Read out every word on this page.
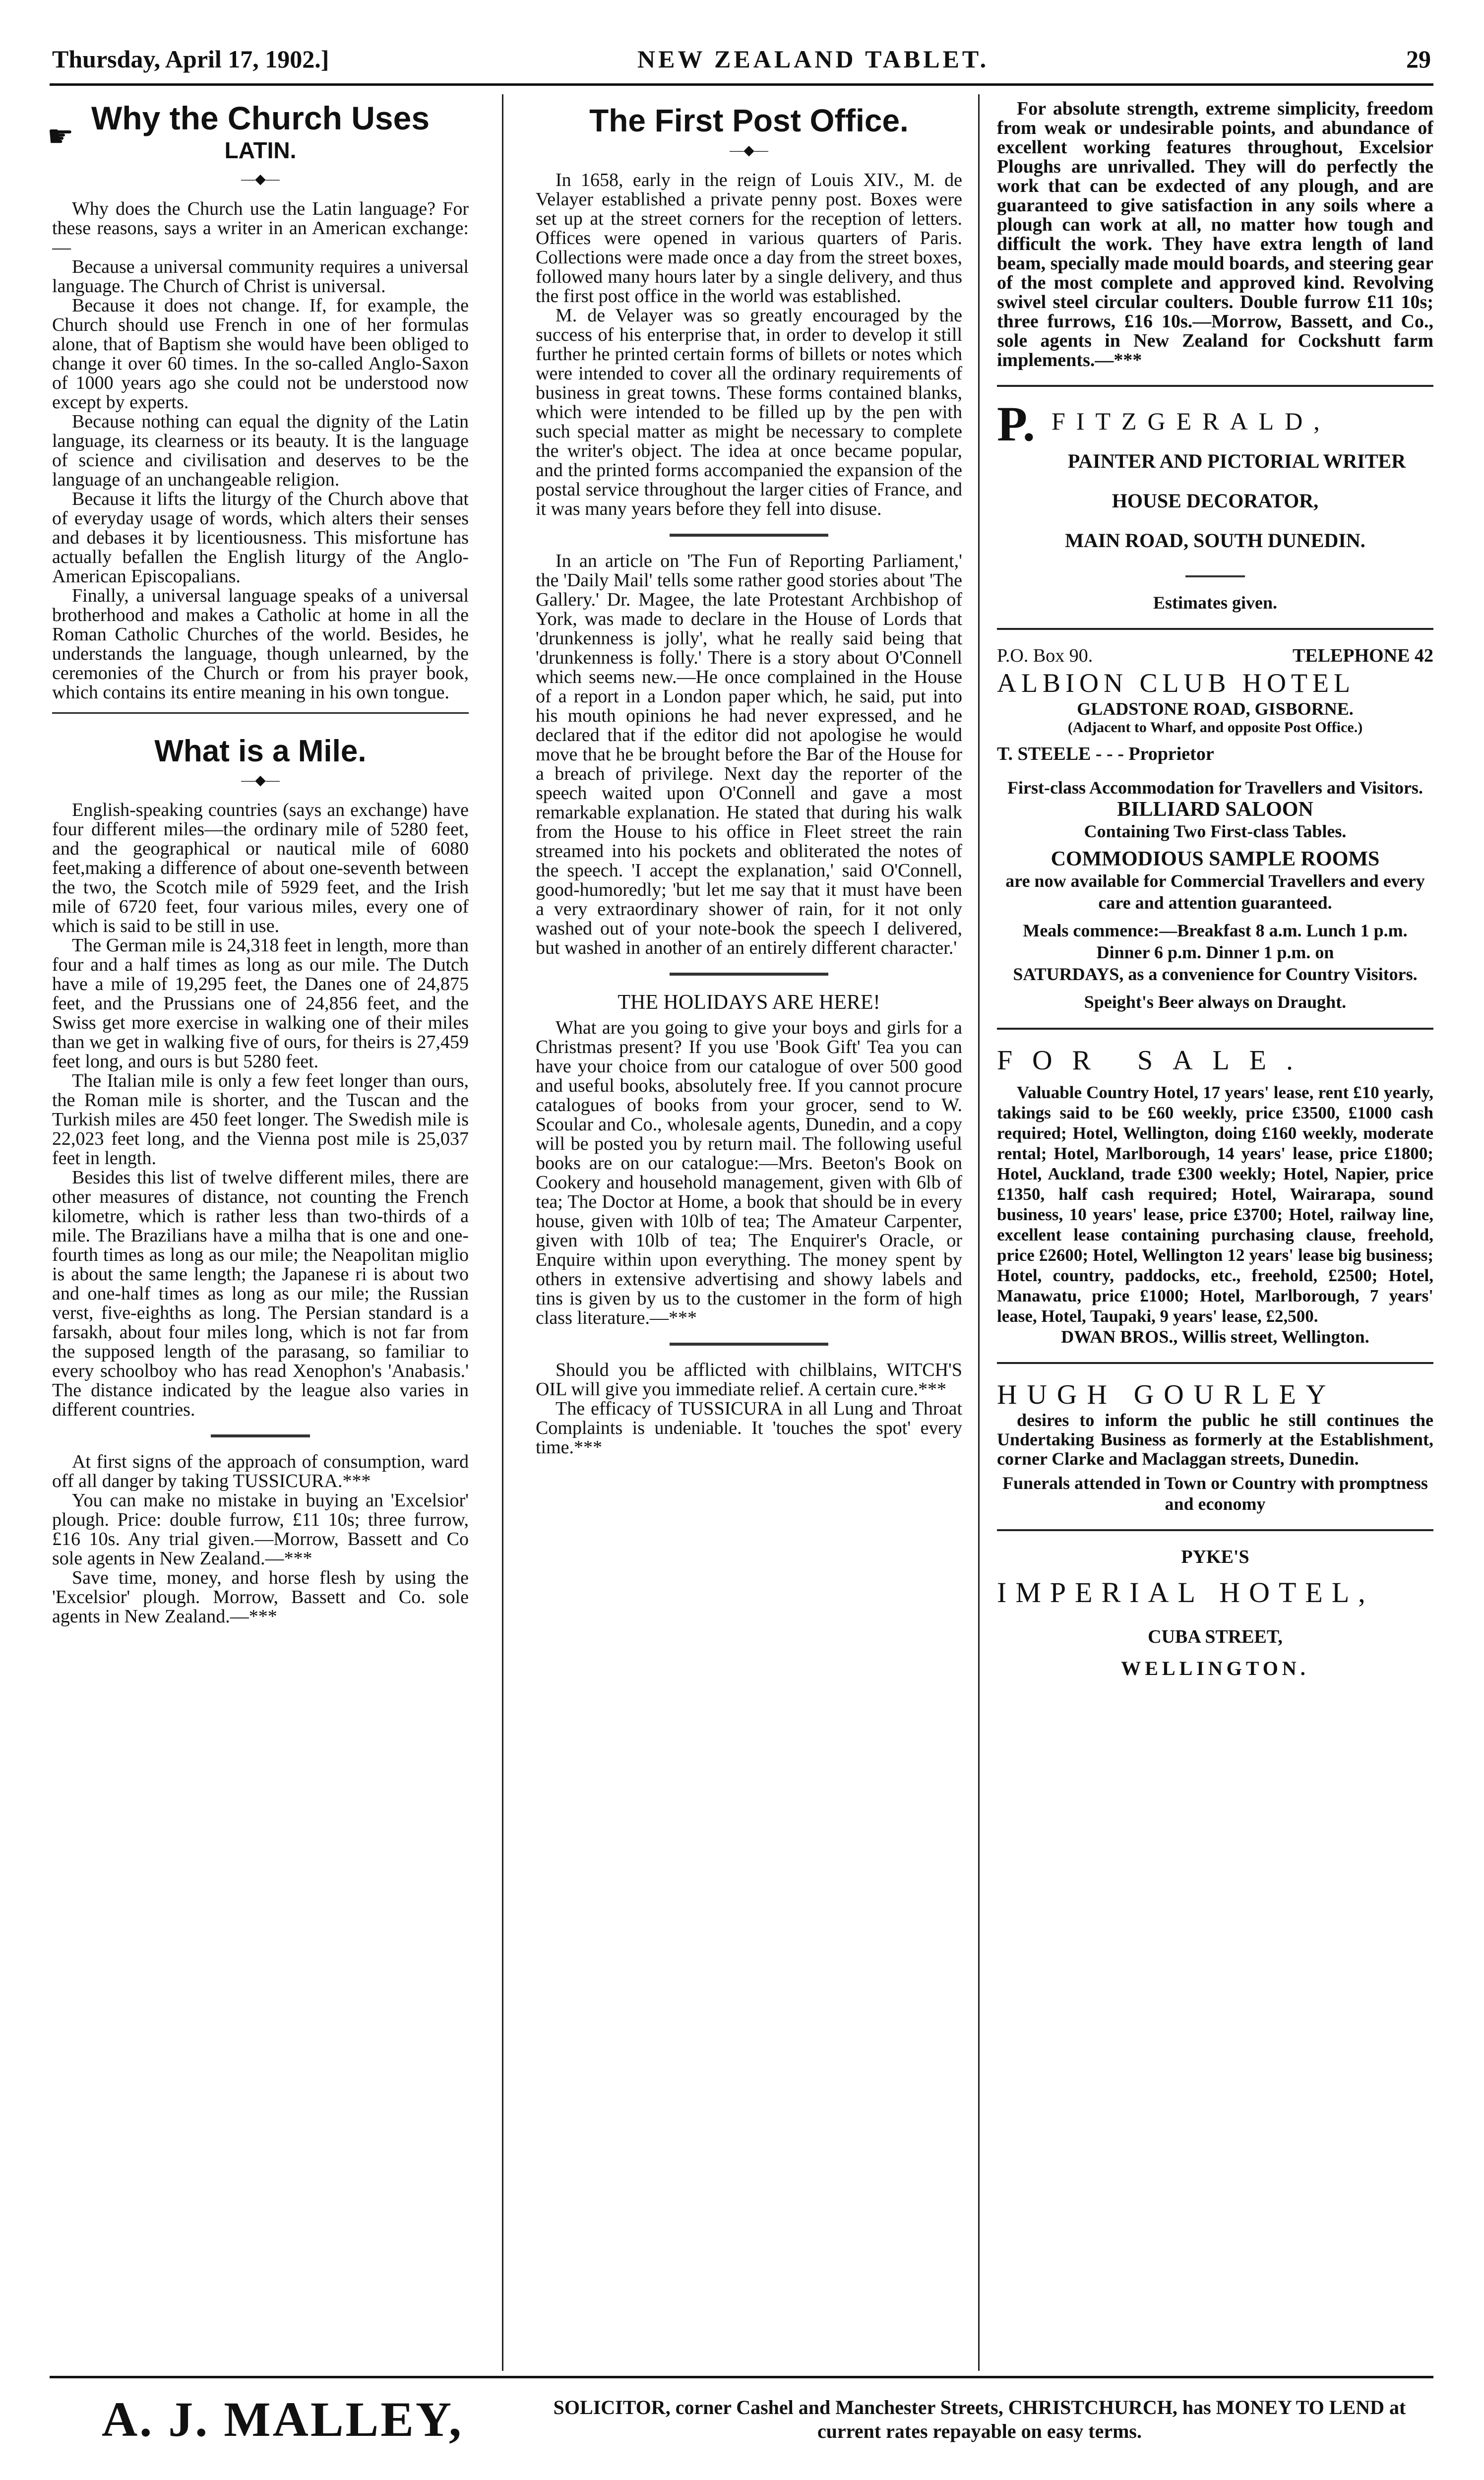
Thursday, April 17, 1902.]	NEW ZEALAND TABLET.	29
☛ Why the Church Uses
LATIN.
—◆—

Why does the Church use the Latin language? For these reasons, says a writer in an American exchange:—

Because a universal community requires a universal language. The Church of Christ is universal.

Because it does not change. If, for example, the Church should use French in one of her formulas alone, that of Baptism she would have been obliged to change it over 60 times. In the so-called Anglo-Saxon of 1000 years ago she could not be understood now except by experts.

Because nothing can equal the dignity of the Latin language, its clearness or its beauty. It is the language of science and civilisation and deserves to be the language of an unchangeable religion.

Because it lifts the liturgy of the Church above that of everyday usage of words, which alters their senses and debases it by licentiousness. This misfortune has actually befallen the English liturgy of the Anglo-American Episcopalians.

Finally, a universal language speaks of a universal brotherhood and makes a Catholic at home in all the Roman Catholic Churches of the world. Besides, he understands the language, though unlearned, by the ceremonies of the Church or from his prayer book, which contains its entire meaning in his own tongue.

What is a Mile.
—◆—

English-speaking countries (says an exchange) have four different miles—the ordinary mile of 5280 feet, and the geographical or nautical mile of 6080 feet,making a difference of about one-seventh between the two, the Scotch mile of 5929 feet, and the Irish mile of 6720 feet, four various miles, every one of which is said to be still in use.

The German mile is 24,318 feet in length, more than four and a half times as long as our mile. The Dutch have a mile of 19,295 feet, the Danes one of 24,875 feet, and the Prussians one of 24,856 feet, and the Swiss get more exercise in walking one of their miles than we get in walking five of ours, for theirs is 27,459 feet long, and ours is but 5280 feet.

The Italian mile is only a few feet longer than ours, the Roman mile is shorter, and the Tuscan and the Turkish miles are 450 feet longer. The Swedish mile is 22,023 feet long, and the Vienna post mile is 25,037 feet in length.

Besides this list of twelve different miles, there are other measures of distance, not counting the French kilometre, which is rather less than two-thirds of a mile. The Brazilians have a milha that is one and one-fourth times as long as our mile; the Neapolitan miglio is about the same length; the Japanese ri is about two and one-half times as long as our mile; the Russian verst, five-eighths as long. The Persian standard is a farsakh, about four miles long, which is not far from the supposed length of the parasang, so familiar to every schoolboy who has read Xenophon's 'Anabasis.' The distance indicated by the league also varies in different countries.

At first signs of the approach of consumption, ward off all danger by taking TUSSICURA.***

You can make no mistake in buying an 'Excelsior' plough. Price: double furrow, £11 10s; three furrow, £16 10s. Any trial given.—Morrow, Bassett and Co sole agents in New Zealand.—***

Save time, money, and horse flesh by using the 'Excelsior' plough. Morrow, Bassett and Co. sole agents in New Zealand.—***

The First Post Office.
—◆—

In 1658, early in the reign of Louis XIV., M. de Velayer established a private penny post. Boxes were set up at the street corners for the reception of letters. Offices were opened in various quarters of Paris. Collections were made once a day from the street boxes, followed many hours later by a single delivery, and thus the first post office in the world was established.

M. de Velayer was so greatly encouraged by the success of his enterprise that, in order to develop it still further he printed certain forms of billets or notes which were intended to cover all the ordinary requirements of business in great towns. These forms contained blanks, which were intended to be filled up by the pen with such special matter as might be necessary to complete the writer's object. The idea at once became popular, and the printed forms accompanied the expansion of the postal service throughout the larger cities of France, and it was many years before they fell into disuse.

In an article on 'The Fun of Reporting Parliament,' the 'Daily Mail' tells some rather good stories about 'The Gallery.' Dr. Magee, the late Protestant Archbishop of York, was made to declare in the House of Lords that 'drunkenness is jolly', what he really said being that 'drunkenness is folly.' There is a story about O'Connell which seems new.—He once complained in the House of a report in a London paper which, he said, put into his mouth opinions he had never expressed, and he declared that if the editor did not apologise he would move that he be brought before the Bar of the House for a breach of privilege. Next day the reporter of the speech waited upon O'Connell and gave a most remarkable explanation. He stated that during his walk from the House to his office in Fleet street the rain streamed into his pockets and obliterated the notes of the speech. 'I accept the explanation,' said O'Connell, good-humoredly; 'but let me say that it must have been a very extraordinary shower of rain, for it not only washed out of your note-book the speech I delivered, but washed in another of an entirely different character.'

THE HOLIDAYS ARE HERE!

What are you going to give your boys and girls for a Christmas present? If you use 'Book Gift' Tea you can have your choice from our catalogue of over 500 good and useful books, absolutely free. If you cannot procure catalogues of books from your grocer, send to W. Scoular and Co., wholesale agents, Dunedin, and a copy will be posted you by return mail. The following useful books are on our catalogue:—Mrs. Beeton's Book on Cookery and household management, given with 6lb of tea; The Doctor at Home, a book that should be in every house, given with 10lb of tea; The Amateur Carpenter, given with 10lb of tea; The Enquirer's Oracle, or Enquire within upon everything. The money spent by others in extensive advertising and showy labels and tins is given by us to the customer in the form of high class literature.—***

Should you be afflicted with chilblains, WITCH'S OIL will give you immediate relief. A certain cure.***

The efficacy of TUSSICURA in all Lung and Throat Complaints is undeniable. It 'touches the spot' every time.***

For absolute strength, extreme simplicity, freedom from weak or undesirable points, and abundance of excellent working features throughout, Excelsior Ploughs are unrivalled. They will do perfectly the work that can be exdected of any plough, and are guaranteed to give satisfaction in any soils where a plough can work at all, no matter how tough and difficult the work. They have extra length of land beam, specially made mould boards, and steering gear of the most complete and approved kind. Revolving swivel steel circular coulters. Double furrow £11 10s; three furrows, £16 10s.—Morrow, Bassett, and Co., sole agents in New Zealand for Cockshutt farm implements.—***

P. FITZGERALD,
PAINTER AND PICTORIAL WRITER
HOUSE DECORATOR,
MAIN ROAD, SOUTH DUNEDIN.
Estimates given.
P.O. Box 90.	TELEPHONE 42
ALBION CLUB HOTEL
GLADSTONE ROAD, GISBORNE.
(Adjacent to Wharf, and opposite Post Office.)
T. STEELE - - - Proprietor
First-class Accommodation for Travellers and Visitors.
BILLIARD SALOON
Containing Two First-class Tables.
COMMODIOUS SAMPLE ROOMS
are now available for Commercial Travellers and every care and attention guaranteed.
Meals commence:—Breakfast 8 a.m. Lunch 1 p.m. Dinner 6 p.m. Dinner 1 p.m. on
SATURDAYS, as a convenience for Country Visitors.
Speight's Beer always on Draught.
FOR SALE.

Valuable Country Hotel, 17 years' lease, rent £10 yearly, takings said to be £60 weekly, price £3500, £1000 cash required; Hotel, Wellington, doing £160 weekly, moderate rental; Hotel, Marlborough, 14 years' lease, price £1800; Hotel, Auckland, trade £300 weekly; Hotel, Napier, price £1350, half cash required; Hotel, Wairarapa, sound business, 10 years' lease, price £3700; Hotel, railway line, excellent lease containing purchasing clause, freehold, price £2600; Hotel, Wellington 12 years' lease big business; Hotel, country, paddocks, etc., freehold, £2500; Hotel, Manawatu, price £1000; Hotel, Marlborough, 7 years' lease, Hotel, Taupaki, 9 years' lease, £2,500.

DWAN BROS., Willis street, Wellington.
HUGH GOURLEY

desires to inform the public he still continues the Undertaking Business as formerly at the Establishment, corner Clarke and Maclaggan streets, Dunedin.

Funerals attended in Town or Country with promptness and economy
PYKE'S
IMPERIAL HOTEL,
CUBA STREET,
WELLINGTON.
A. J. MALLEY,	SOLICITOR, corner Cashel and Manchester Streets, CHRISTCHURCH, has MONEY TO LEND at current rates repayable on easy terms.
